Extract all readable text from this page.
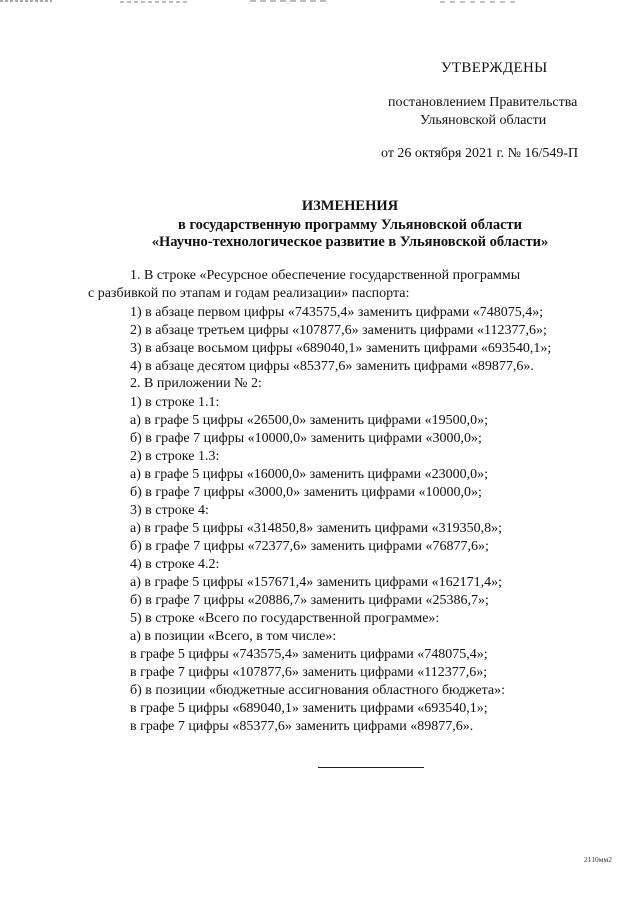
УТВЕРЖДЕНЫ
постановлением Правительства
Ульяновской области
от 26 октября 2021 г. № 16/549-П
ИЗМЕНЕНИЯ
в государственную программу Ульяновской области
«Научно-технологическое развитие в Ульяновской области»
1. В строке «Ресурсное обеспечение государственной программы
с разбивкой по этапам и годам реализации» паспорта:
1) в абзаце первом цифры «743575,4» заменить цифрами «748075,4»;
2) в абзаце третьем цифры «107877,6» заменить цифрами «112377,6»;
3) в абзаце восьмом цифры «689040,1» заменить цифрами «693540,1»;
4) в абзаце десятом цифры «85377,6» заменить цифрами «89877,6».
2. В приложении № 2:
1) в строке 1.1:
а) в графе 5 цифры «26500,0» заменить цифрами «19500,0»;
б) в графе 7 цифры «10000,0» заменить цифрами «3000,0»;
2) в строке 1.3:
а) в графе 5 цифры «16000,0» заменить цифрами «23000,0»;
б) в графе 7 цифры «3000,0» заменить цифрами «10000,0»;
3) в строке 4:
а) в графе 5 цифры «314850,8» заменить цифрами «319350,8»;
б) в графе 7 цифры «72377,6» заменить цифрами «76877,6»;
4) в строке 4.2:
а) в графе 5 цифры «157671,4» заменить цифрами «162171,4»;
б) в графе 7 цифры «20886,7» заменить цифрами «25386,7»;
5) в строке «Всего по государственной программе»:
а) в позиции «Всего, в том числе»:
в графе 5 цифры «743575,4» заменить цифрами «748075,4»;
в графе 7 цифры «107877,6» заменить цифрами «112377,6»;
б) в позиции «бюджетные ассигнования областного бюджета»:
в графе 5 цифры «689040,1» заменить цифрами «693540,1»;
в графе 7 цифры «85377,6» заменить цифрами «89877,6».
2110мм2
